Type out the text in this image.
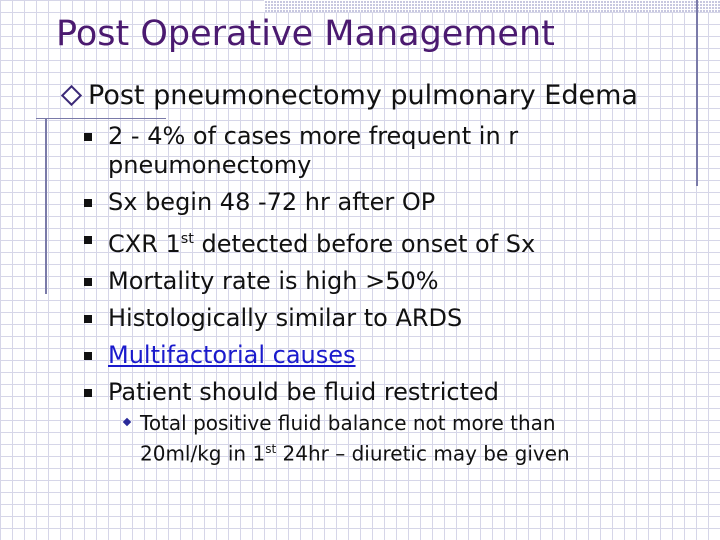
Post Operative Management
Post pneumonectomy pulmonary Edema
2 - 4% of cases more frequent in r pneumonectomy
Sx begin 48 -72 hr after OP
CXR 1st detected before onset of Sx
Mortality rate is high >50%
Histologically similar to ARDS
Multifactorial causes
Patient should be fluid restricted
Total positive fluid balance not more than 20ml/kg in 1st 24hr – diuretic may be given
